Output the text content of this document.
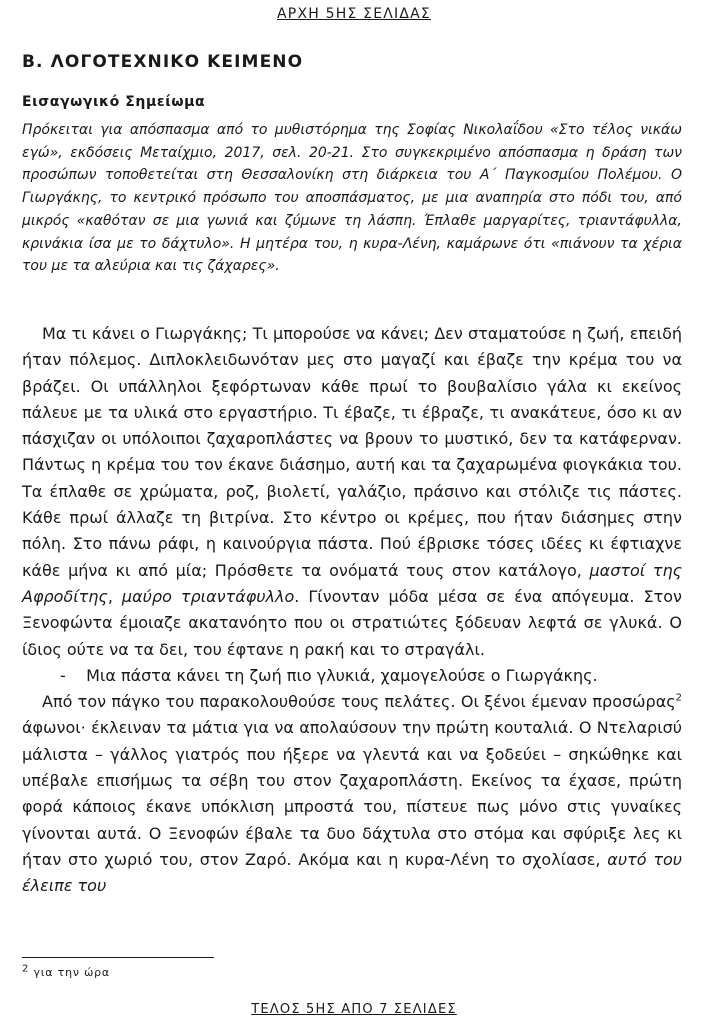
ΑΡΧΗ 5ΗΣ ΣΕΛΙΔΑΣ
Β. ΛΟΓΟΤΕΧΝΙΚΟ ΚΕΙΜΕΝΟ
Εισαγωγικό Σημείωμα
Πρόκειται για απόσπασμα από το μυθιστόρημα της Σοφίας Νικολαΐδου «Στο τέλος νικάω εγώ», εκδόσεις Μεταίχμιο, 2017, σελ. 20-21. Στο συγκεκριμένο απόσπασμα η δράση των προσώπων τοποθετείται στη Θεσσαλονίκη στη διάρκεια του Α΄ Παγκοσμίου Πολέμου. Ο Γιωργάκης, το κεντρικό πρόσωπο του αποσπάσματος, με μια αναπηρία στο πόδι του, από μικρός «καθόταν σε μια γωνιά και ζύμωνε τη λάσπη. Έπλαθε μαργαρίτες, τριαντάφυλλα, κρινάκια ίσα με το δάχτυλο». Η μητέρα του, η κυρα-Λένη, καμάρωνε ότι «πιάνουν τα χέρια του με τα αλεύρια και τις ζάχαρες».

Μα τι κάνει ο Γιωργάκης; Τι μπορούσε να κάνει; Δεν σταματούσε η ζωή, επειδή ήταν πόλεμος. Διπλοκλειδωνόταν μες στο μαγαζί και έβαζε την κρέμα του να βράζει. Οι υπάλληλοι ξεφόρτωναν κάθε πρωί το βουβαλίσιο γάλα κι εκείνος πάλευε με τα υλικά στο εργαστήριο. Τι έβαζε, τι έβραζε, τι ανακάτευε, όσο κι αν πάσχιζαν οι υπόλοιποι ζαχαροπλάστες να βρουν το μυστικό, δεν τα κατάφερναν. Πάντως η κρέμα του τον έκανε διάσημο, αυτή και τα ζαχαρωμένα φιογκάκια του. Τα έπλαθε σε χρώματα, ροζ, βιολετί, γαλάζιο, πράσινο και στόλιζε τις πάστες. Κάθε πρωί άλλαζε τη βιτρίνα. Στο κέντρο οι κρέμες, που ήταν διάσημες στην πόλη. Στο πάνω ράφι, η καινούργια πάστα. Πού έβρισκε τόσες ιδέες κι έφτιαχνε κάθε μήνα κι από μία; Πρόσθετε τα ονόματά τους στον κατάλογο, μαστοί της Αφροδίτης, μαύρο τριαντάφυλλο. Γίνονταν μόδα μέσα σε ένα απόγευμα. Στον Ξενοφώντα έμοιαζε ακατανόητο που οι στρατιώτες ξόδευαν λεφτά σε γλυκά. Ο ίδιος ούτε να τα δει, του έφτανε η ρακή και το στραγάλι.

-    Μια πάστα κάνει τη ζωή πιο γλυκιά, χαμογελούσε ο Γιωργάκης.

Από τον πάγκο του παρακολουθούσε τους πελάτες. Οι ξένοι έμεναν προσώρας$^2$ άφωνοι· έκλειναν τα μάτια για να απολαύσουν την πρώτη κουταλιά. Ο Ντελαρισύ μάλιστα – γάλλος γιατρός που ήξερε να γλεντά και να ξοδεύει – σηκώθηκε και υπέβαλε επισήμως τα σέβη του στον ζαχαροπλάστη. Εκείνος τα έχασε, πρώτη φορά κάποιος έκανε υπόκλιση μπροστά του, πίστευε πως μόνο στις γυναίκες γίνονται αυτά. Ο Ξενοφών έβαλε τα δυο δάχτυλα στο στόμα και σφύριξε λες κι ήταν στο χωριό του, στον Ζαρό. Ακόμα και η κυρα-Λένη το σχολίασε, αυτό του έλειπε του

$^2$ για την ώρα
ΤΕΛΟΣ 5ΗΣ ΑΠΟ 7 ΣΕΛΙΔΕΣ
